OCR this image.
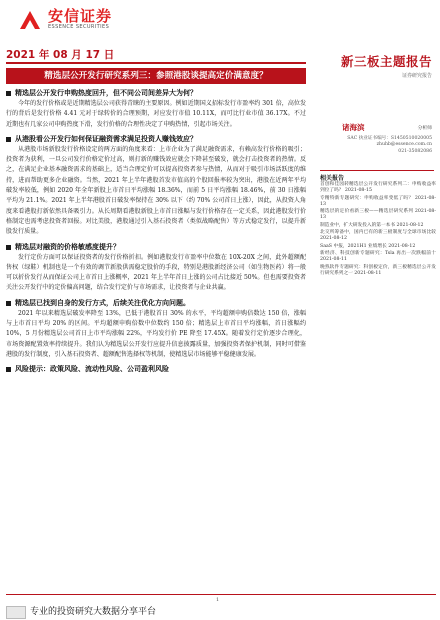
安信证券
ESSENCE SECURITIES
2021 年 08 月 17 日
精选层公开发行研究系列三：参照港股谈提高定价满意度？
精选层公开发行申购热度回升，但不同公司间差异大为何？
今年的发行价格或是近期精选层公司获得青睐的主要原因。例如近期国义招标发行市盈率约 301 倍，高位发行的背后是发行价格 4.41 元对于绿转价的合理预期，对应发行市值 10.11X，而可比行业市值 36.17X。不过近期也有几家公司申购热度下滑，发行价格的合理性决定了申购热情，引起市场关注。
从港股看公开发行如何保证融资需求满足投资人赚钱效应？
从港股市场新股发行价格设定的两方面的角度来看：上市企业为了满足融资需求，有赖高发行价格的吸引；投资者为获利，一旦公司发行价格定价过高，则打新的赚钱效应就会下降甚至破发，就会打击投资者的热情。反之，在满足企业基本融资需求的基础上，适当合理定价可以提高投资者参与热情，从而对于吸引市场活跃度的维持，进而帮助更多企业融资。当然，2021 年上半年港股首发市值高的个股回报率较为突出，港股在近两年平均破发率较低，例如 2020 年全年新股上市首日平均涨幅 18.36%，而前 5 日平均涨幅 18.46%，前 30 日涨幅平均为 21.1%。2021 年上半年港股首日破发率保持在 30% 以下（约 70% 公司首日上涨），因此，从投资人角度来看港股打新依然具备吸引力。从长周期看港股新股上市首日涨幅与发行价格存在一定关系，因此港股发行价格制定也需考虑投资者回报。对比美股，港股通过引入基石投资者（类似战略配售）等方式稳定发行，以提升新股发行质量。
精选层对融资的价格敏感度提升？
发行定价方面可以保证投资者的发行价格折扣。例如港股发行市盈率中位数在 10X-20X 之间，此外超额配售权（绿鞋）机制也是一个有效的调节新股供需稳定股价的手段，特别是港股新经济公司（如生物医药）将一般可以折价发行从而保证公司上市首日上涨概率，2021 年上半年首日上涨的公司占比接近 50%。但也需要投资者关注公开发行中的定价偏高问题，结合发行定价与市场需求，让投资者与企业共赢。
精选层已找到自身的发行方式，后续关注优化方向问题。
2021 年以来精选层破发率降至 13%，已低于港股首日 30% 的水平，平均超额申购倍数达 150 倍，涨幅与上市首日平均 20% 的区间。平均超额申购倍数中位数约 150 倍；精选层上市首日平均涨幅，首日涨幅约 10%，5 月份精选层公司首日上市平均涨幅 22%，平均发行价 PE 降至 17.45X。随着发行定价逐步合理化，市场资源配置效率持续提升。我们认为精选层公开发行应提升信息披露质量，加强投资者保护机制，同时可借鉴港股的发行制度，引入基石投资者、超额配售选择权等机制，使精选层市场能够平稳健康发展。
风险提示：政策风险、流动性风险、公司盈利风险
新三板主题报告
证券研究报告
诸海滨	分析师
SAC 执业证书编号：S1450510020005
zhuhb@essence.com.cn
021-35082086
相关报告
首创和佳园转精选层公开发行研究系列二：申购收益率到位了吗？ 2021-08-15
专精特新专题研究：申购收益率变低了吗？ 2021-08-13
精选层的定价看新三板——精选层研究系列 2021-08-13
制造业中，扩大研发投入的第一本书 2021-08-12
北交所筹备中，国内已有的新三板制度与全球市场比较 2021-08-12
SaaS 中报，2021H1 业绩增长 2021-08-12
新经济、科技创新专题研究：Tsla 再出一次跌幅前十 2021-08-11
晚熟软件专题研究：科创板定价，新三板精选层公开发行研究系列之一 2021-08-11
1
专业的投资研究大数据分享平台
